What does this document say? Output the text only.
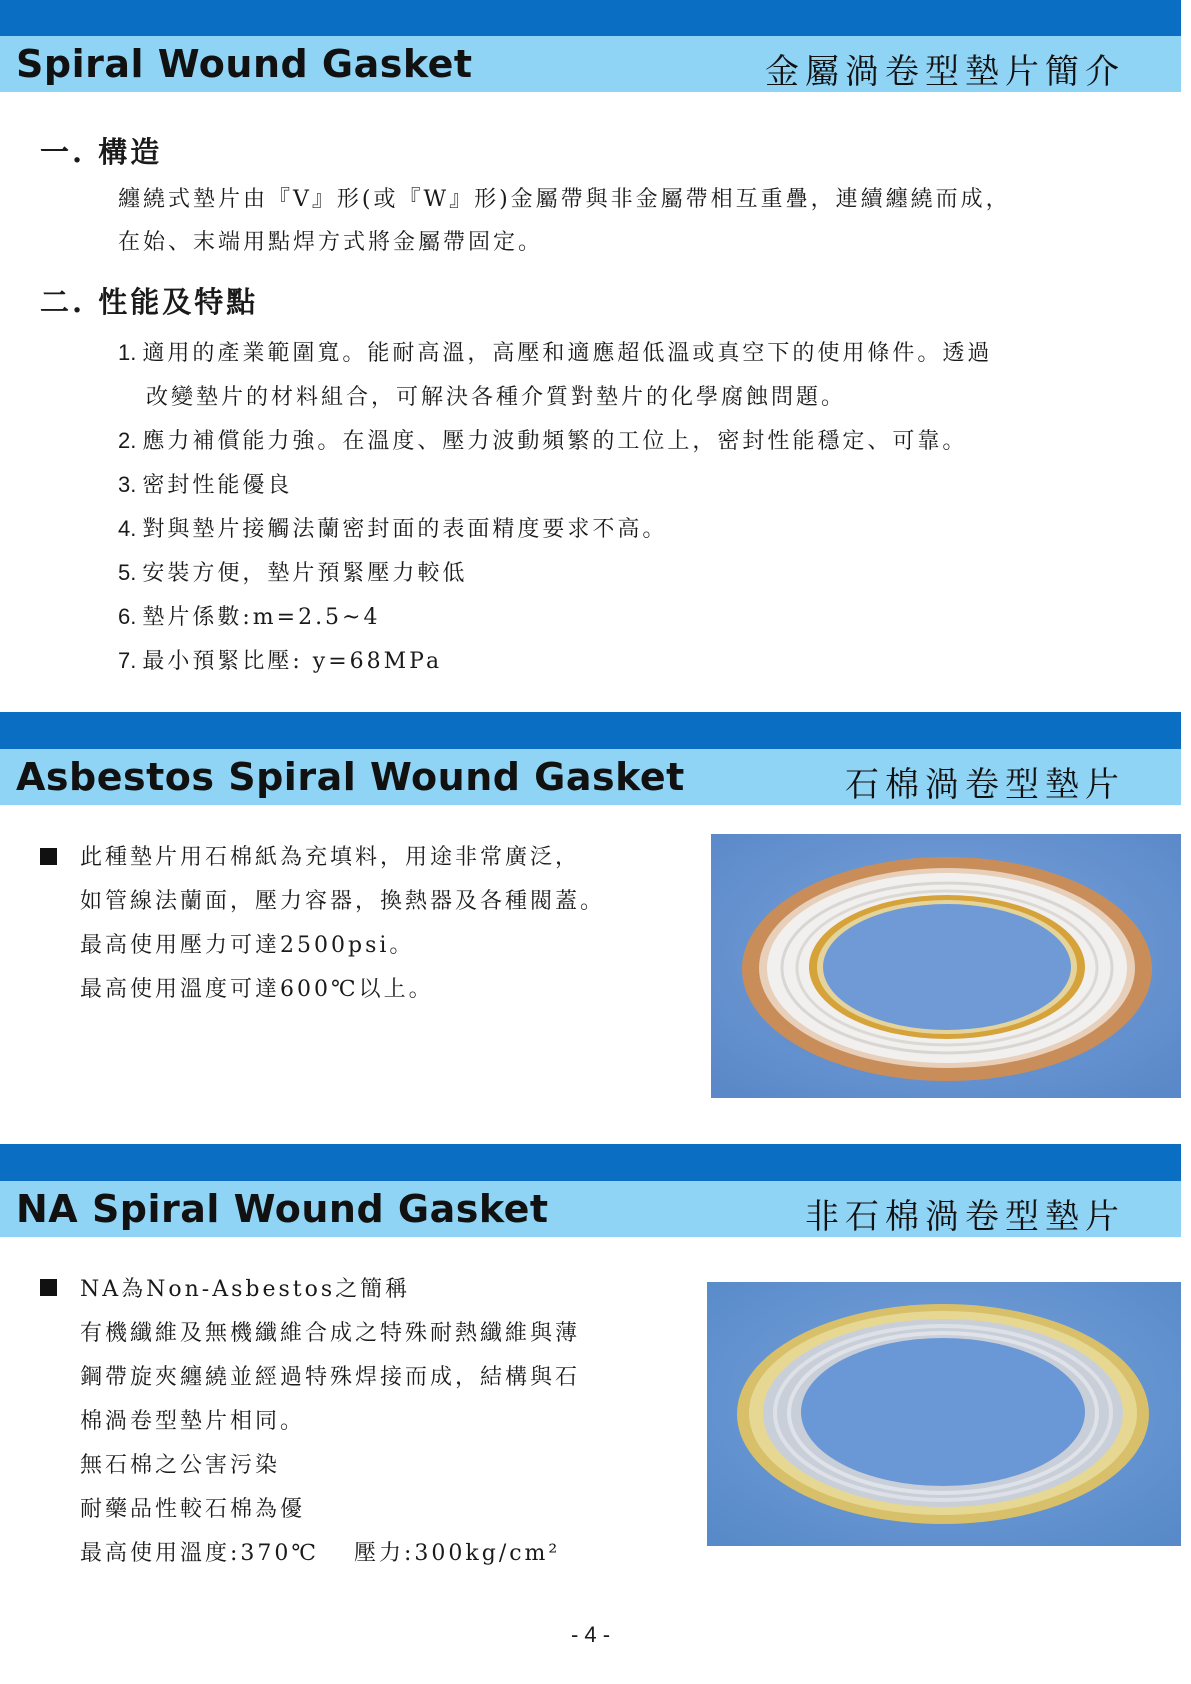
Spiral Wound Gasket	金屬渦卷型墊片簡介
一. 構造
纏繞式墊片由『V』形(或『W』形)金屬帶與非金屬帶相互重疊，連續纏繞而成，
在始、末端用點焊方式將金屬帶固定。
二. 性能及特點
1. 適用的產業範圍寬。能耐高溫，高壓和適應超低溫或真空下的使用條件。透過
改變墊片的材料組合，可解決各種介質對墊片的化學腐蝕問題。
2. 應力補償能力強。在溫度、壓力波動頻繁的工位上，密封性能穩定、可靠。
3. 密封性能優良
4. 對與墊片接觸法蘭密封面的表面精度要求不高。
5. 安裝方便，墊片預緊壓力較低
6. 墊片係數:m=2.5~4
7. 最小預緊比壓: y=68MPa
Asbestos Spiral Wound Gasket	石棉渦卷型墊片
此種墊片用石棉紙為充填料，用途非常廣泛，
如管線法蘭面，壓力容器，換熱器及各種閥蓋。
最高使用壓力可達2500psi。
最高使用溫度可達600℃以上。
NA Spiral Wound Gasket	非石棉渦卷型墊片
NA為Non-Asbestos之簡稱
有機纖維及無機纖維合成之特殊耐熱纖維與薄
鋼帶旋夾纏繞並經過特殊焊接而成，結構與石
棉渦卷型墊片相同。
無石棉之公害污染
耐藥品性較石棉為優
最高使用溫度:370℃　 壓力:300kg/cm²
- 4 -
